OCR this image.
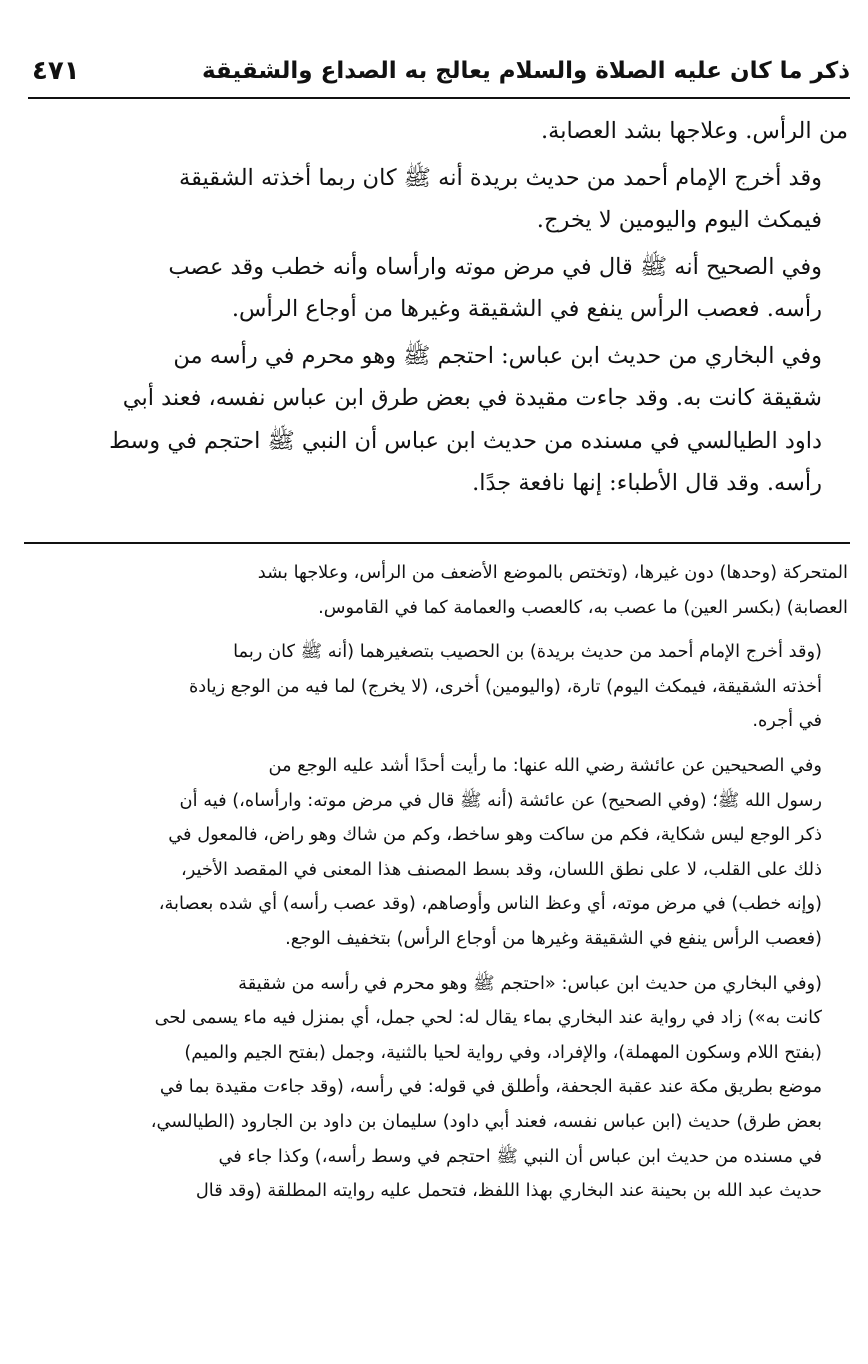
ذكر ما كان عليه الصلاة والسلام يعالج به الصداع والشقيقة
٤٧١

من الرأس. وعلاجها بشد العصابة.

وقد أخرج الإمام أحمد من حديث بريدة أنه ﷺ كان ربما أخذته الشقيقة
فيمكث اليوم واليومين لا يخرج.

وفي الصحيح أنه ﷺ قال في مرض موته وارأساه وأنه خطب وقد عصب
رأسه. فعصب الرأس ينفع في الشقيقة وغيرها من أوجاع الرأس.

وفي البخاري من حديث ابن عباس: احتجم ﷺ وهو محرم في رأسه من
شقيقة كانت به. وقد جاءت مقيدة في بعض طرق ابن عباس نفسه، فعند أبي
داود الطيالسي في مسنده من حديث ابن عباس أن النبي ﷺ احتجم في وسط
رأسه. وقد قال الأطباء: إنها نافعة جدًا.

المتحركة (وحدها) دون غيرها، (وتختص بالموضع الأضعف من الرأس، وعلاجها بشد
العصابة) (بكسر العين) ما عصب به، كالعصب والعمامة كما في القاموس.

(وقد أخرج الإمام أحمد من حديث بريدة) بن الحصيب بتصغيرهما (أنه ﷺ كان ربما
أخذته الشقيقة، فيمكث اليوم) تارة، (واليومين) أخرى، (لا يخرج) لما فيه من الوجع زيادة
في أجره.

وفي الصحيحين عن عائشة رضي الله عنها: ما رأيت أحدًا أشد عليه الوجع من
رسول الله ﷺ؛ (وفي الصحيح) عن عائشة (أنه ﷺ قال في مرض موته: وارأساه،) فيه أن
ذكر الوجع ليس شكاية، فكم من ساكت وهو ساخط، وكم من شاك وهو راض، فالمعول في
ذلك على القلب، لا على نطق اللسان، وقد بسط المصنف هذا المعنى في المقصد الأخير،
(وإنه خطب) في مرض موته، أي وعظ الناس وأوصاهم، (وقد عصب رأسه) أي شده بعصابة،
(فعصب الرأس ينفع في الشقيقة وغيرها من أوجاع الرأس) بتخفيف الوجع.

(وفي البخاري من حديث ابن عباس: «احتجم ﷺ وهو محرم في رأسه من شقيقة
كانت به») زاد في رواية عند البخاري بماء يقال له: لحي جمل، أي بمنزل فيه ماء يسمى لحى
(بفتح اللام وسكون المهملة)، والإفراد، وفي رواية لحيا بالثنية، وجمل (بفتح الجيم والميم)
موضع بطريق مكة عند عقبة الجحفة، وأطلق في قوله: في رأسه، (وقد جاءت مقيدة بما في
بعض طرق) حديث (ابن عباس نفسه، فعند أبي داود) سليمان بن داود بن الجارود (الطيالسي،
في مسنده من حديث ابن عباس أن النبي ﷺ احتجم في وسط رأسه،) وكذا جاء في
حديث عبد الله بن بحينة عند البخاري بهذا اللفظ، فتحمل عليه روايته المطلقة (وقد قال
